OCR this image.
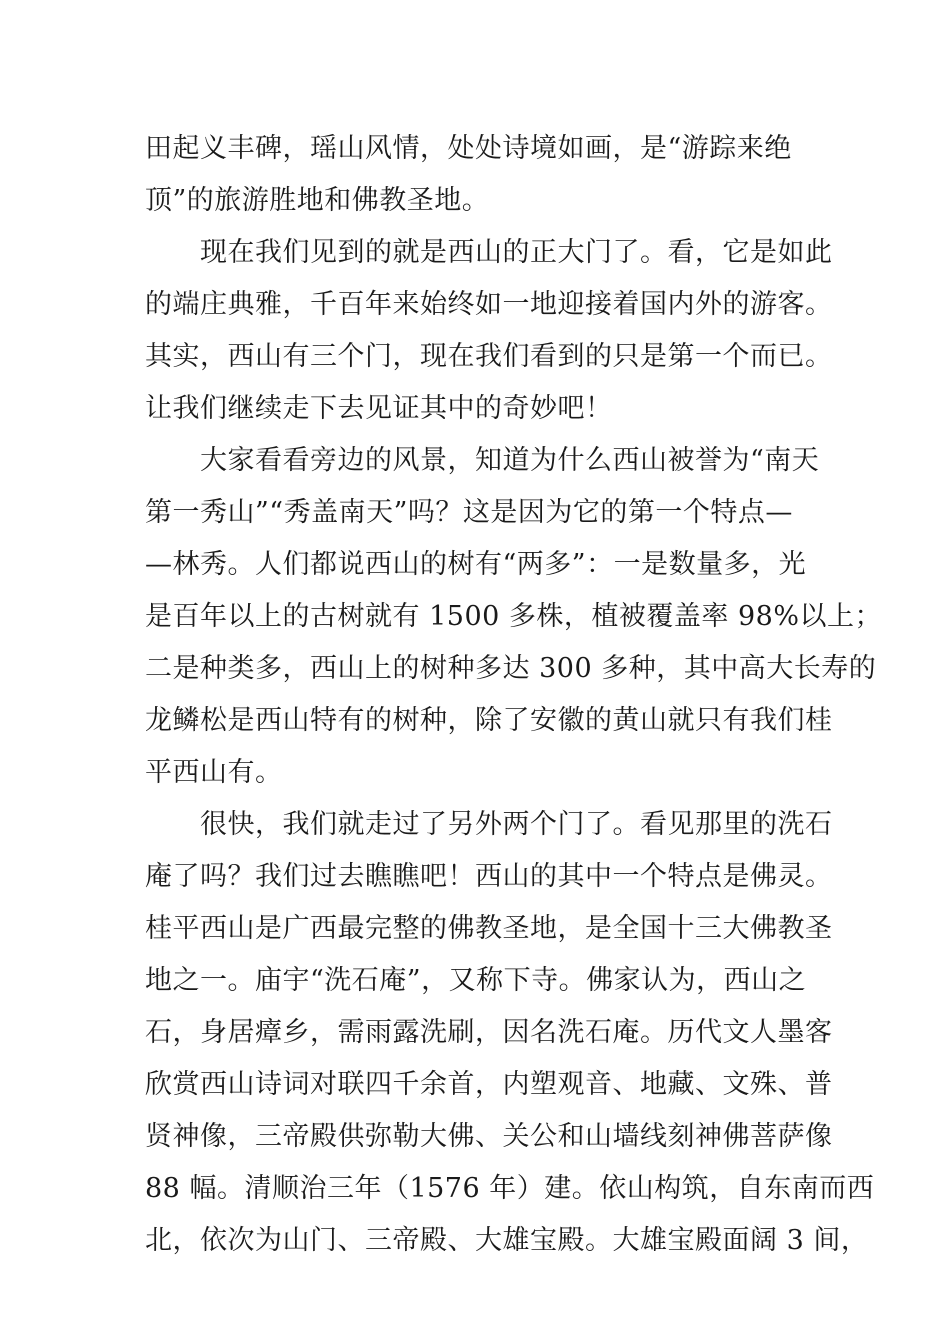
田起义丰碑，瑶山风情，处处诗境如画，是“游踪来绝
顶”的旅游胜地和佛教圣地。
现在我们见到的就是西山的正大门了。看，它是如此
的端庄典雅，千百年来始终如一地迎接着国内外的游客。
其实，西山有三个门，现在我们看到的只是第一个而已。
让我们继续走下去见证其中的奇妙吧！
大家看看旁边的风景，知道为什么西山被誉为“南天
第一秀山”“秀盖南天”吗？这是因为它的第一个特点—
—林秀。人们都说西山的树有“两多”：一是数量多，光
是百年以上的古树就有 1500 多株，植被覆盖率 98%以上；
二是种类多，西山上的树种多达 300 多种，其中高大长寿的
龙鳞松是西山特有的树种，除了安徽的黄山就只有我们桂
平西山有。
很快，我们就走过了另外两个门了。看见那里的洗石
庵了吗？我们过去瞧瞧吧！西山的其中一个特点是佛灵。
桂平西山是广西最完整的佛教圣地，是全国十三大佛教圣
地之一。庙宇“洗石庵”，又称下寺。佛家认为，西山之
石，身居瘴乡，需雨露洗刷，因名洗石庵。历代文人墨客
欣赏西山诗词对联四千余首，内塑观音、地藏、文殊、普
贤神像，三帝殿供弥勒大佛、关公和山墙线刻神佛菩萨像
88 幅。清顺治三年（1576 年）建。依山构筑，自东南而西
北，依次为山门、三帝殿、大雄宝殿。大雄宝殿面阔 3 间，
